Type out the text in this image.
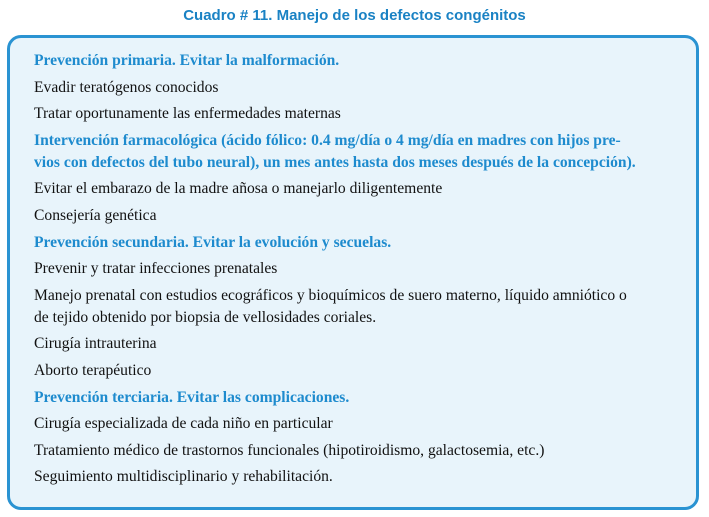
Cuadro # 11. Manejo de los defectos congénitos
Prevención primaria. Evitar la malformación.
Evadir teratógenos conocidos
Tratar oportunamente las enfermedades maternas
Intervención farmacológica (ácido fólico: 0.4 mg/día o 4 mg/día en madres con hijos pre-
vios con defectos del tubo neural), un mes antes hasta dos meses después de la concepción).
Evitar el embarazo de la madre añosa o manejarlo diligentemente
Consejería genética
Prevención secundaria. Evitar la evolución y secuelas.
Prevenir y tratar infecciones prenatales
Manejo prenatal con estudios ecográficos y bioquímicos de suero materno, líquido amniótico o
de tejido obtenido por biopsia de vellosidades coriales.
Cirugía intrauterina
Aborto terapéutico
Prevención terciaria. Evitar las complicaciones.
Cirugía especializada de cada niño en particular
Tratamiento médico de trastornos funcionales (hipotiroidismo, galactosemia, etc.)
Seguimiento multidisciplinario y rehabilitación.
